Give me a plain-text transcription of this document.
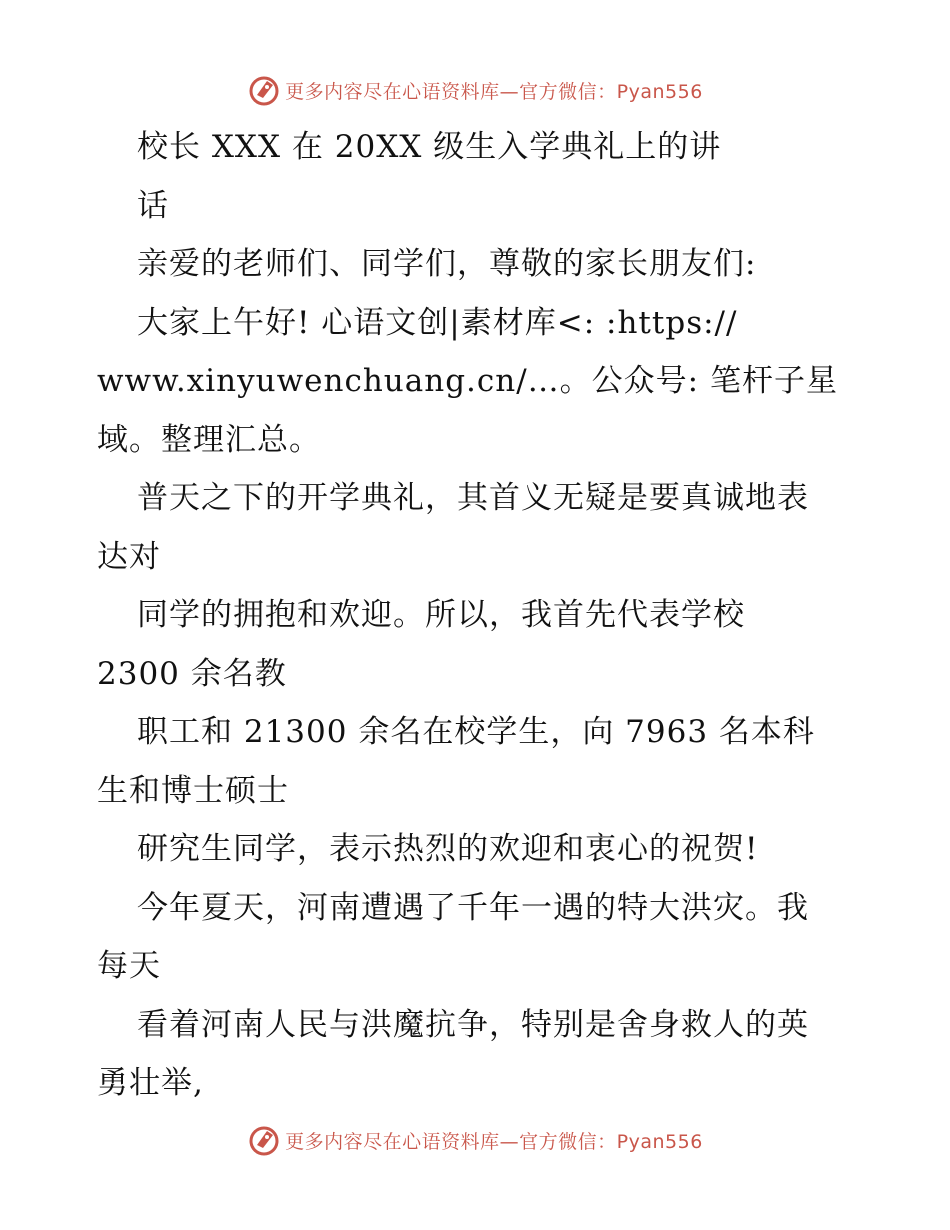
更多内容尽在心语资料库—官方微信：Pyan556
校长 XXX 在 20XX 级生入学典礼上的讲
话
亲爱的老师们、同学们，尊敬的家长朋友们:
大家上午好! 心语文创|素材库<: :https://
www.xinyuwenchuang.cn/…。公众号: 笔杆子星
域。整理汇总。
普天之下的开学典礼，其首义无疑是要真诚地表
达对
同学的拥抱和欢迎。所以，我首先代表学校
2300 余名教
职工和 21300 余名在校学生，向 7963 名本科
生和博士硕士
研究生同学，表示热烈的欢迎和衷心的祝贺!
今年夏天，河南遭遇了千年一遇的特大洪灾。我
每天
看着河南人民与洪魔抗争，特别是舍身救人的英
勇壮举,
更多内容尽在心语资料库—官方微信：Pyan556
